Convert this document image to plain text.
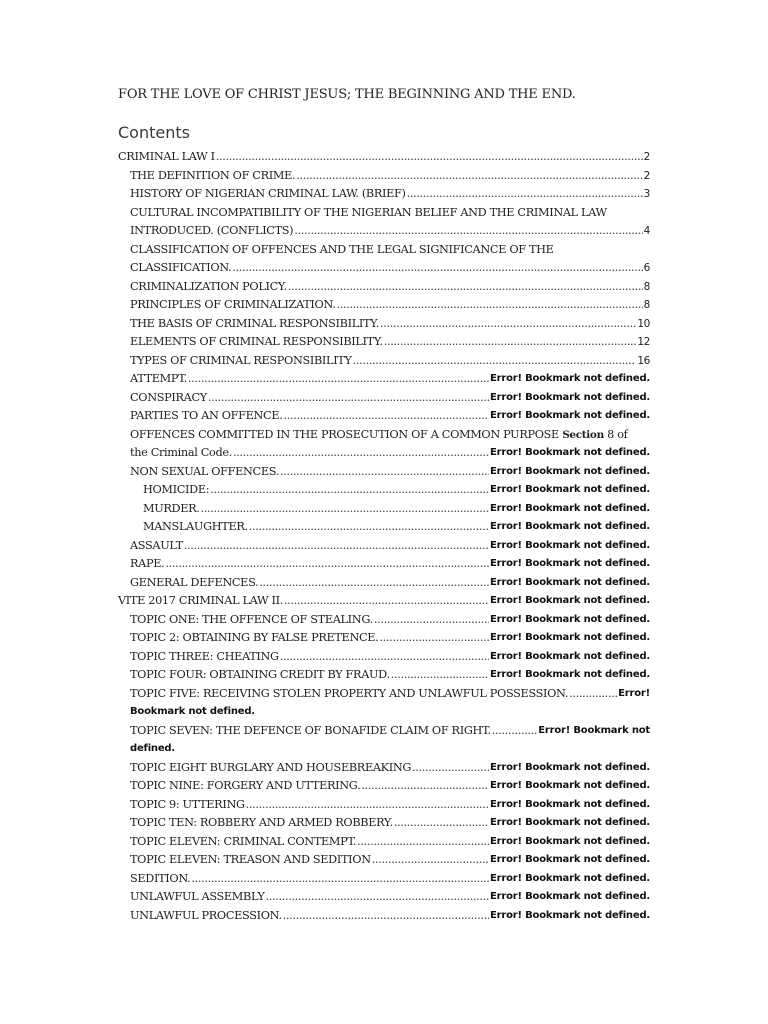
FOR THE LOVE OF CHRIST JESUS; THE BEGINNING AND THE END.
Contents
CRIMINAL LAW I .....	2
THE DEFINITION OF CRIME. .....	2
HISTORY OF NIGERIAN CRIMINAL LAW. (BRIEF) .....	3
CULTURAL INCOMPATIBILITY OF THE NIGERIAN BELIEF AND THE CRIMINAL LAW
INTRODUCED. (CONFLICTS) .....	4
CLASSIFICATION OF OFFENCES AND THE LEGAL SIGNIFICANCE OF THE
CLASSIFICATION. .....	6
CRIMINALIZATION POLICY. .....	8
PRINCIPLES OF CRIMINALIZATION. .....	8
THE BASIS OF CRIMINAL RESPONSIBILITY. .....	10
ELEMENTS OF CRIMINAL RESPONSIBILITY. .....	12
TYPES OF CRIMINAL RESPONSIBILITY .....	16
ATTEMPT. .....	Error! Bookmark not defined.
CONSPIRACY .....	Error! Bookmark not defined.
PARTIES TO AN OFFENCE. .....	Error! Bookmark not defined.
OFFENCES COMMITTED IN THE PROSECUTION OF A COMMON PURPOSE Section 8 of
the Criminal Code. .....	Error! Bookmark not defined.
NON SEXUAL OFFENCES. .....	Error! Bookmark not defined.
HOMICIDE: .....	Error! Bookmark not defined.
MURDER. .....	Error! Bookmark not defined.
MANSLAUGHTER. .....	Error! Bookmark not defined.
ASSAULT .....	Error! Bookmark not defined.
RAPE. .....	Error! Bookmark not defined.
GENERAL DEFENCES. .....	Error! Bookmark not defined.
VITE 2017 CRIMINAL LAW II. .....	Error! Bookmark not defined.
TOPIC ONE: THE OFFENCE OF STEALING. .....	Error! Bookmark not defined.
TOPIC 2: OBTAINING BY FALSE PRETENCE. .....	Error! Bookmark not defined.
TOPIC THREE: CHEATING .....	Error! Bookmark not defined.
TOPIC FOUR: OBTAINING CREDIT BY FRAUD. .....	Error! Bookmark not defined.
TOPIC FIVE: RECEIVING STOLEN PROPERTY AND UNLAWFUL POSSESSION. .....	Error!
Bookmark not defined.
TOPIC SEVEN: THE DEFENCE OF BONAFIDE CLAIM OF RIGHT. .....	Error! Bookmark not
defined.
TOPIC EIGHT BURGLARY AND HOUSEBREAKING .....	Error! Bookmark not defined.
TOPIC NINE: FORGERY AND UTTERING. .....	Error! Bookmark not defined.
TOPIC 9: UTTERING .....	Error! Bookmark not defined.
TOPIC TEN: ROBBERY AND ARMED ROBBERY. .....	Error! Bookmark not defined.
TOPIC ELEVEN: CRIMINAL CONTEMPT. .....	Error! Bookmark not defined.
TOPIC ELEVEN: TREASON AND SEDITION .....	Error! Bookmark not defined.
SEDITION. .....	Error! Bookmark not defined.
UNLAWFUL ASSEMBLY .....	Error! Bookmark not defined.
UNLAWFUL PROCESSION. .....	Error! Bookmark not defined.
